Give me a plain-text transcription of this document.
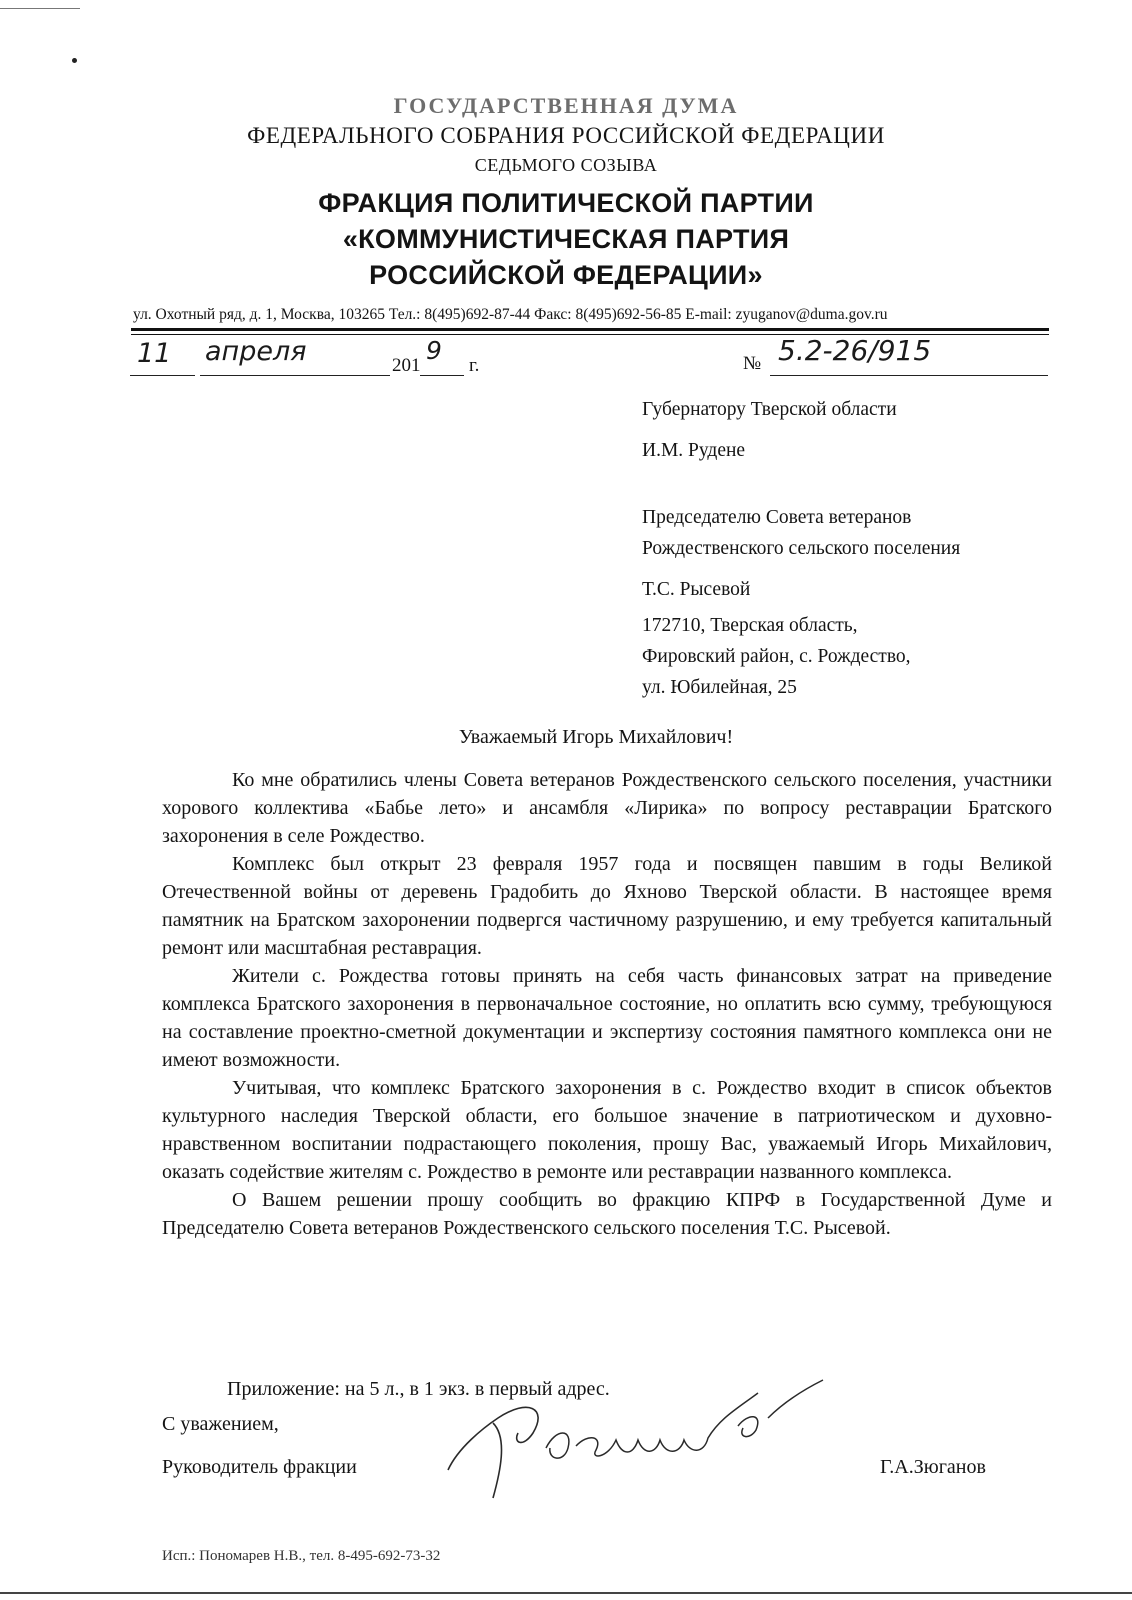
ГОСУДАРСТВЕННАЯ ДУМА
ФЕДЕРАЛЬНОГО СОБРАНИЯ РОССИЙСКОЙ ФЕДЕРАЦИИ
СЕДЬМОГО СОЗЫВА
ФРАКЦИЯ ПОЛИТИЧЕСКОЙ ПАРТИИ
«КОММУНИСТИЧЕСКАЯ ПАРТИЯ
РОССИЙСКОЙ ФЕДЕРАЦИИ»
ул. Охотный ряд, д. 1, Москва, 103265 Тел.: 8(495)692-87-44 Факс: 8(495)692-56-85 E-mail: zyuganov@duma.gov.ru
11 апреля	201
9
г.	№ 5.2-26/915
Губернатору Тверской области
И.М. Рудене
Председателю Совета ветеранов
Рождественского сельского поселения
Т.С. Рысевой
172710, Тверская область,
Фировский район, с. Рождество,
ул. Юбилейная, 25
Уважаемый Игорь Михайлович!

Ко мне обратились члены Совета ветеранов Рождественского сельского поселения, участники хорового коллектива «Бабье лето» и ансамбля «Лирика» по вопросу реставрации Братского захоронения в селе Рождество.

Комплекс был открыт 23 февраля 1957 года и посвящен павшим в годы Великой Отечественной войны от деревень Градобить до Яхново Тверской области. В настоящее время памятник на Братском захоронении подвергся частичному разрушению, и ему требуется капитальный ремонт или масштабная реставрация.

Жители с. Рождества готовы принять на себя часть финансовых затрат на приведение комплекса Братского захоронения в первоначальное состояние, но оплатить всю сумму, требующуюся на составление проектно-сметной документации и экспертизу состояния памятного комплекса они не имеют возможности.

Учитывая, что комплекс Братского захоронения в с. Рождество входит в список объектов культурного наследия Тверской области, его большое значение в патриотическом и духовно-нравственном воспитании подрастающего поколения, прошу Вас, уважаемый Игорь Михайлович, оказать содействие жителям с. Рождество в ремонте или реставрации названного комплекса.

О Вашем решении прошу сообщить во фракцию КПРФ в Государственной Думе и Председателю Совета ветеранов Рождественского сельского поселения Т.С. Рысевой.

Приложение: на 5 л., в 1 экз. в первый адрес.
С уважением,
Руководитель фракции	Г.А.Зюганов
Исп.: Пономарев Н.В., тел. 8-495-692-73-32
